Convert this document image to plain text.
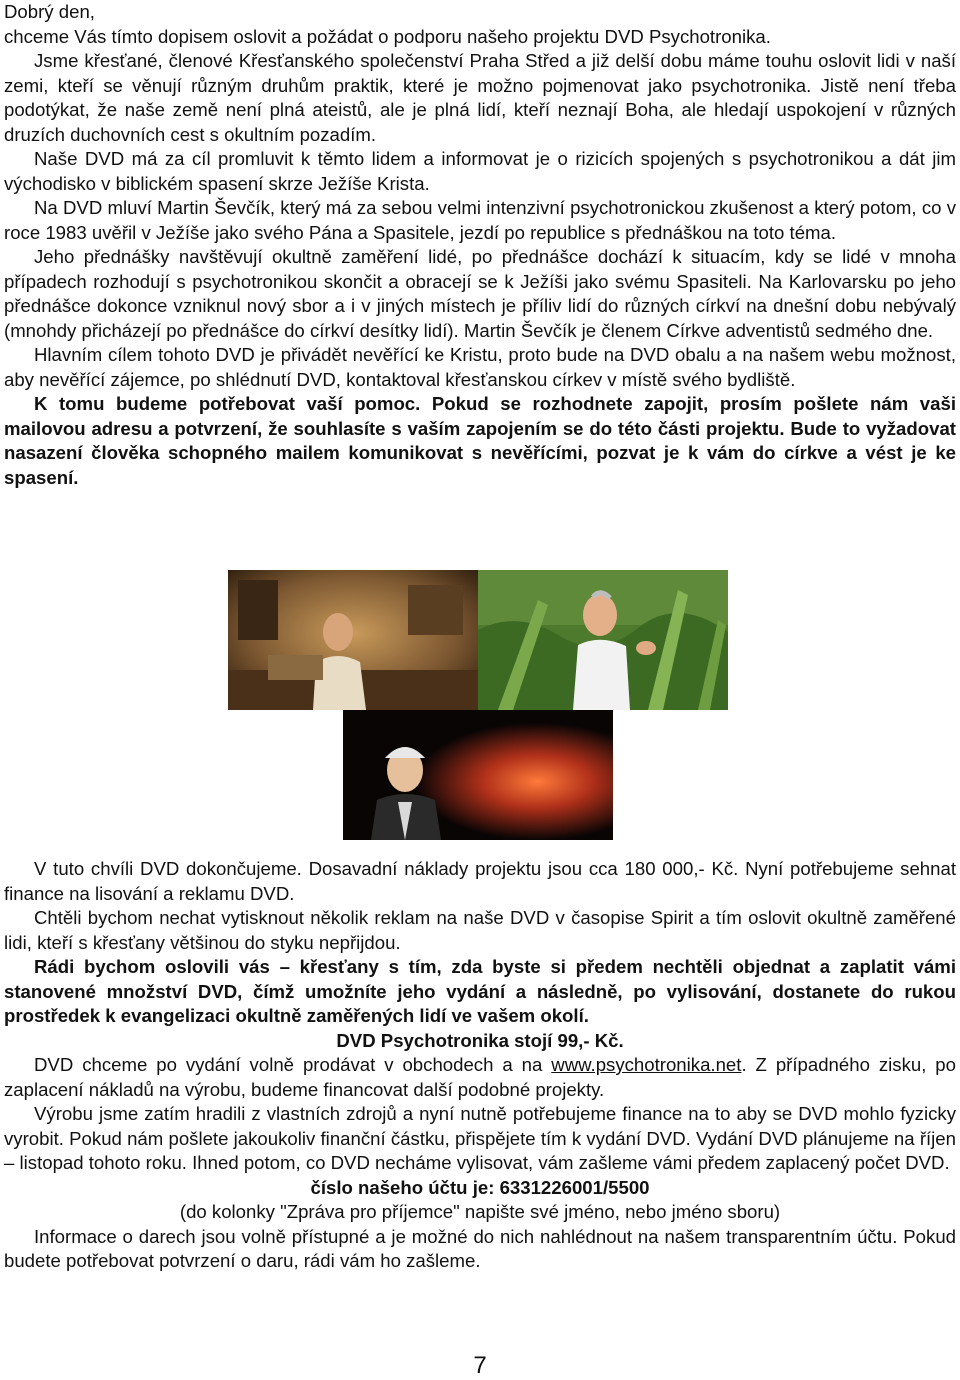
Dobrý den,

chceme Vás tímto dopisem oslovit a požádat o podporu našeho projektu DVD Psychotronika.

Jsme křesťané, členové Křesťanského společenství Praha Střed a již delší dobu máme touhu oslovit lidi v naší zemi, kteří se věnují různým druhům praktik, které je možno pojmenovat jako psychotronika. Jistě není třeba podotýkat, že naše země není plná ateistů, ale je plná lidí, kteří neznají Boha, ale hledají uspokojení v různých druzích duchovních cest s okultním pozadím.

Naše DVD má za cíl promluvit k těmto lidem a informovat je o rizicích spojených s psychotronikou a dát jim východisko v biblickém spasení skrze Ježíše Krista.

Na DVD mluví Martin Ševčík, který má za sebou velmi intenzivní psychotronickou zkušenost a který potom, co v roce 1983 uvěřil v Ježíše jako svého Pána a Spasitele, jezdí po republice s přednáškou na toto téma.

Jeho přednášky navštěvují okultně zaměření lidé, po přednášce dochází k situacím, kdy se lidé v mnoha případech rozhodují s psychotronikou skončit a obracejí se k Ježíši jako svému Spasiteli. Na Karlovarsku po jeho přednášce dokonce vzniknul nový sbor a i v jiných místech je příliv lidí do různých církví na dnešní dobu nebývalý (mnohdy přicházejí po přednášce do církví desítky lidí). Martin Ševčík je členem Církve adventistů sedmého dne.

Hlavním cílem tohoto DVD je přivádět nevěřící ke Kristu, proto bude na DVD obalu a na našem webu možnost, aby nevěřící zájemce, po shlédnutí DVD, kontaktoval křesťanskou církev v místě svého bydliště.

K tomu budeme potřebovat vaší pomoc. Pokud se rozhodnete zapojit, prosím pošlete nám vaši mailovou adresu a potvrzení, že souhlasíte s vaším zapojením se do této části projektu. Bude to vyžadovat nasazení člověka schopného mailem komunikovat s nevěřícími, pozvat je k vám do církve a vést je ke spasení.

V tuto chvíli DVD dokončujeme. Dosavadní náklady projektu jsou cca 180 000,- Kč. Nyní potřebujeme sehnat finance na lisování a reklamu DVD.

Chtěli bychom nechat vytisknout několik reklam na naše DVD v časopise Spirit a tím oslovit okultně zaměřené lidi, kteří s křesťany většinou do styku nepřijdou.

Rádi bychom oslovili vás – křesťany s tím, zda byste si předem nechtěli objednat a zaplatit vámi stanovené množství DVD, čímž umožníte jeho vydání a následně, po vylisování, dostanete do rukou prostředek k evangelizaci okultně zaměřených lidí ve vašem okolí.

DVD Psychotronika stojí 99,- Kč.

DVD chceme po vydání volně prodávat v obchodech a na www.psychotronika.net. Z případného zisku, po zaplacení nákladů na výrobu, budeme financovat další podobné projekty.

Výrobu jsme zatím hradili z vlastních zdrojů a nyní nutně potřebujeme finance na to aby se DVD mohlo fyzicky vyrobit. Pokud nám pošlete jakoukoliv finanční částku, přispějete tím k vydání DVD. Vydání DVD plánujeme na říjen – listopad tohoto roku. Ihned potom, co DVD necháme vylisovat, vám zašleme vámi předem zaplacený počet DVD.

číslo našeho účtu je: 6331226001/5500

(do kolonky "Zpráva pro příjemce" napište své jméno, nebo jméno sboru)

Informace o darech jsou volně přístupné a je možné do nich nahlédnout na našem transparentním účtu. Pokud budete potřebovat potvrzení o daru, rádi vám ho zašleme.

7
